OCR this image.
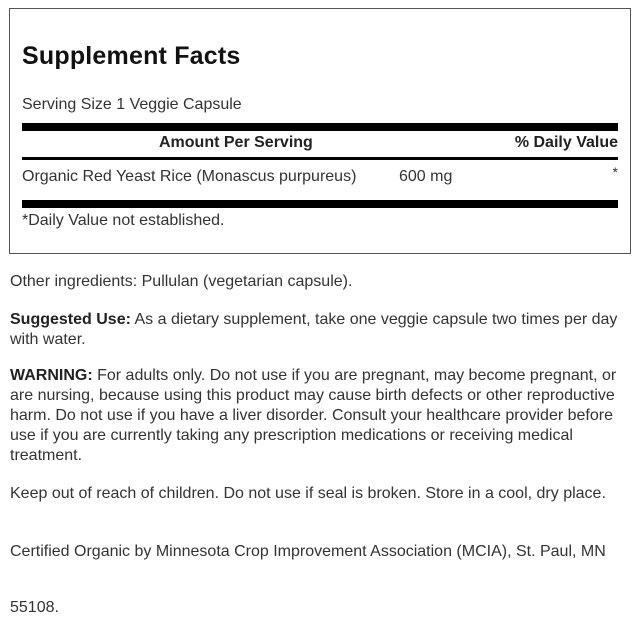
Supplement Facts
Serving Size 1 Veggie Capsule
Amount Per Serving	% Daily Value
Organic Red Yeast Rice (Monascus purpureus)	600 mg	*
*Daily Value not established.
Other ingredients: Pullulan (vegetarian capsule).
Suggested Use: As a dietary supplement, take one veggie capsule two times per day with water.
WARNING: For adults only. Do not use if you are pregnant, may become pregnant, or are nursing, because using this product may cause birth defects or other reproductive harm. Do not use if you have a liver disorder. Consult your healthcare provider before use if you are currently taking any prescription medications or receiving medical treatment.
Keep out of reach of children. Do not use if seal is broken. Store in a cool, dry place.
Certified Organic by Minnesota Crop Improvement Association (MCIA), St. Paul, MN
55108.
